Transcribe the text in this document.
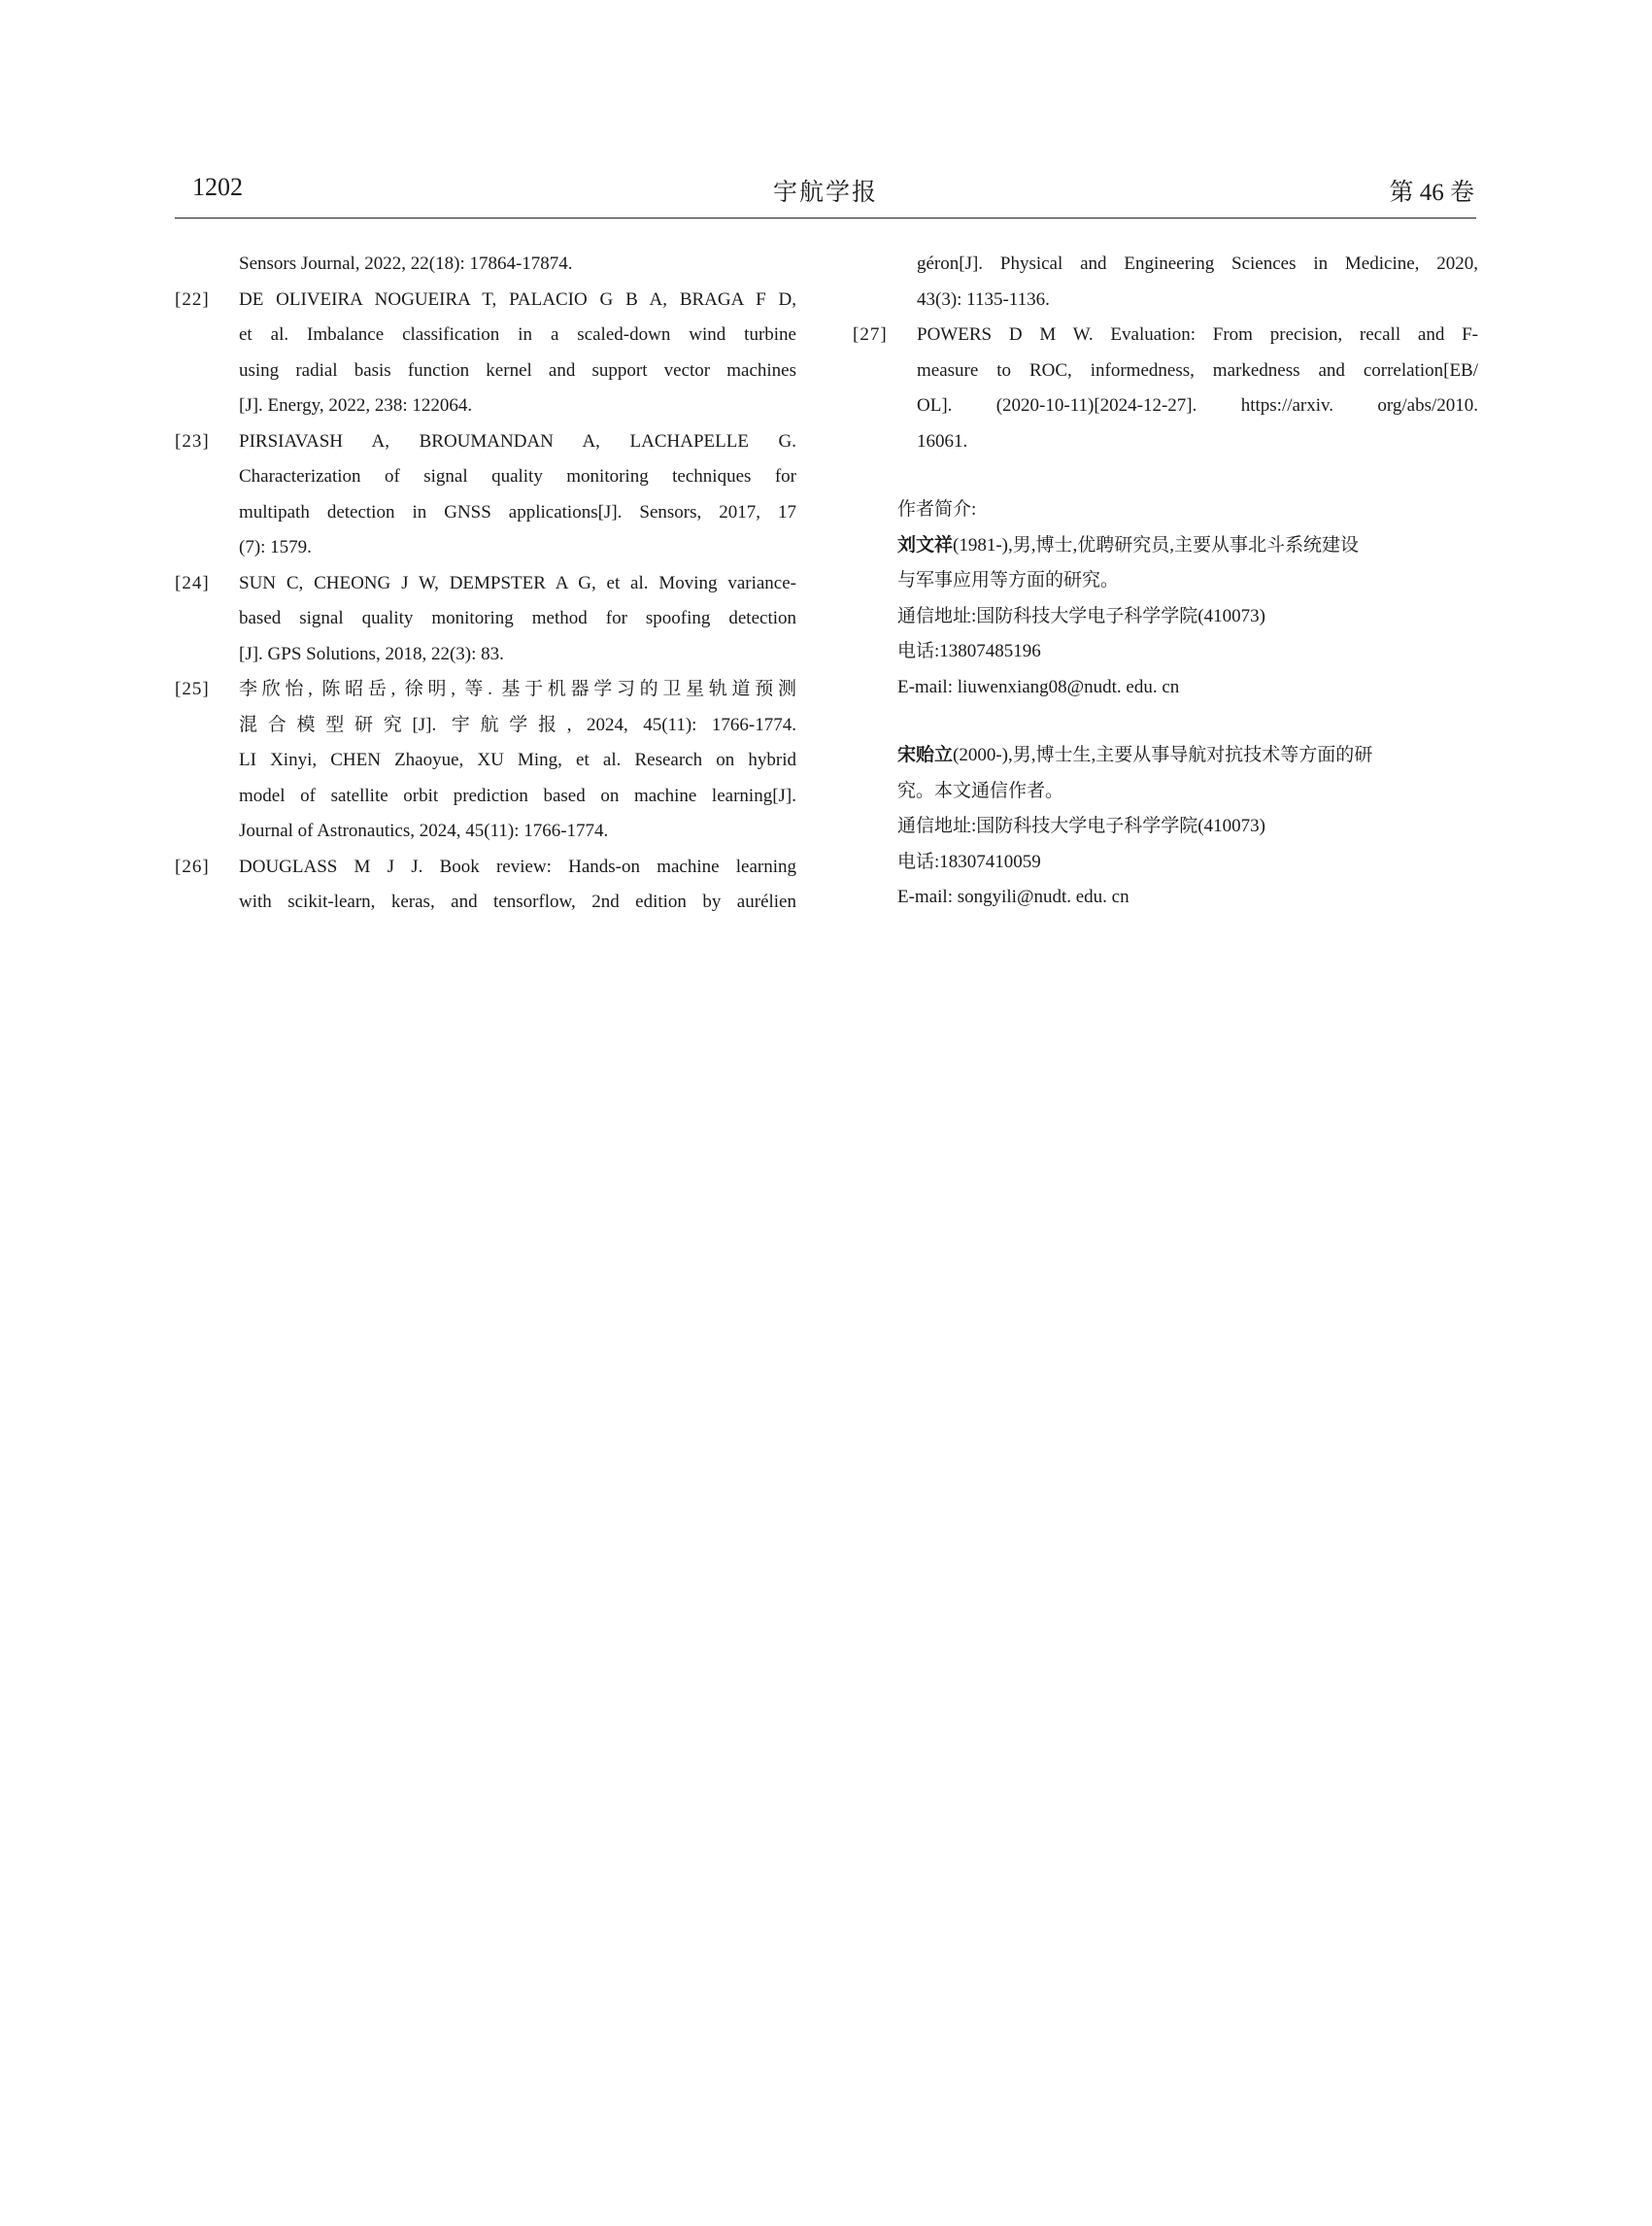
1202	宇航学报	第 46 卷
Sensors Journal, 2022, 22(18): 17864-17874.
[22] DE OLIVEIRA NOGUEIRA T, PALACIO G B A, BRAGA F D,
et al. Imbalance classification in a scaled-down wind turbine
using radial basis function kernel and support vector machines
[J]. Energy, 2022, 238: 122064.
[23] PIRSIAVASH A, BROUMANDAN A, LACHAPELLE G.
Characterization of signal quality monitoring techniques for
multipath detection in GNSS applications[J]. Sensors, 2017, 17
(7): 1579.
[24] SUN C, CHEONG J W, DEMPSTER A G, et al. Moving variance-
based signal quality monitoring method for spoofing detection
[J]. GPS Solutions, 2018, 22(3): 83.
[25] 李欣怡, 陈昭岳, 徐明, 等. 基于机器学习的卫星轨道预测
混合模型研究[J]. 宇航学报, 2024, 45(11): 1766-1774.
LI Xinyi, CHEN Zhaoyue, XU Ming, et al. Research on hybrid
model of satellite orbit prediction based on machine learning[J].
Journal of Astronautics, 2024, 45(11): 1766-1774.
[26] DOUGLASS M J J. Book review: Hands-on machine learning
with scikit-learn, keras, and tensorflow, 2nd edition by aurélien
géron[J]. Physical and Engineering Sciences in Medicine, 2020,
43(3): 1135-1136.
[27] POWERS D M W. Evaluation: From precision, recall and F-
measure to ROC, informedness, markedness and correlation[EB/
OL]. (2020-10-11)[2024-12-27]. https://arxiv. org/abs/2010.
16061.
作者简介:
刘文祥(1981-),男,博士,优聘研究员,主要从事北斗系统建设
与军事应用等方面的研究。
通信地址:国防科技大学电子科学学院(410073)
电话:13807485196
E-mail: liuwenxiang08@nudt. edu. cn
宋贻立(2000-),男,博士生,主要从事导航对抗技术等方面的研
究。本文通信作者。
通信地址:国防科技大学电子科学学院(410073)
电话:18307410059
E-mail: songyili@nudt. edu. cn
